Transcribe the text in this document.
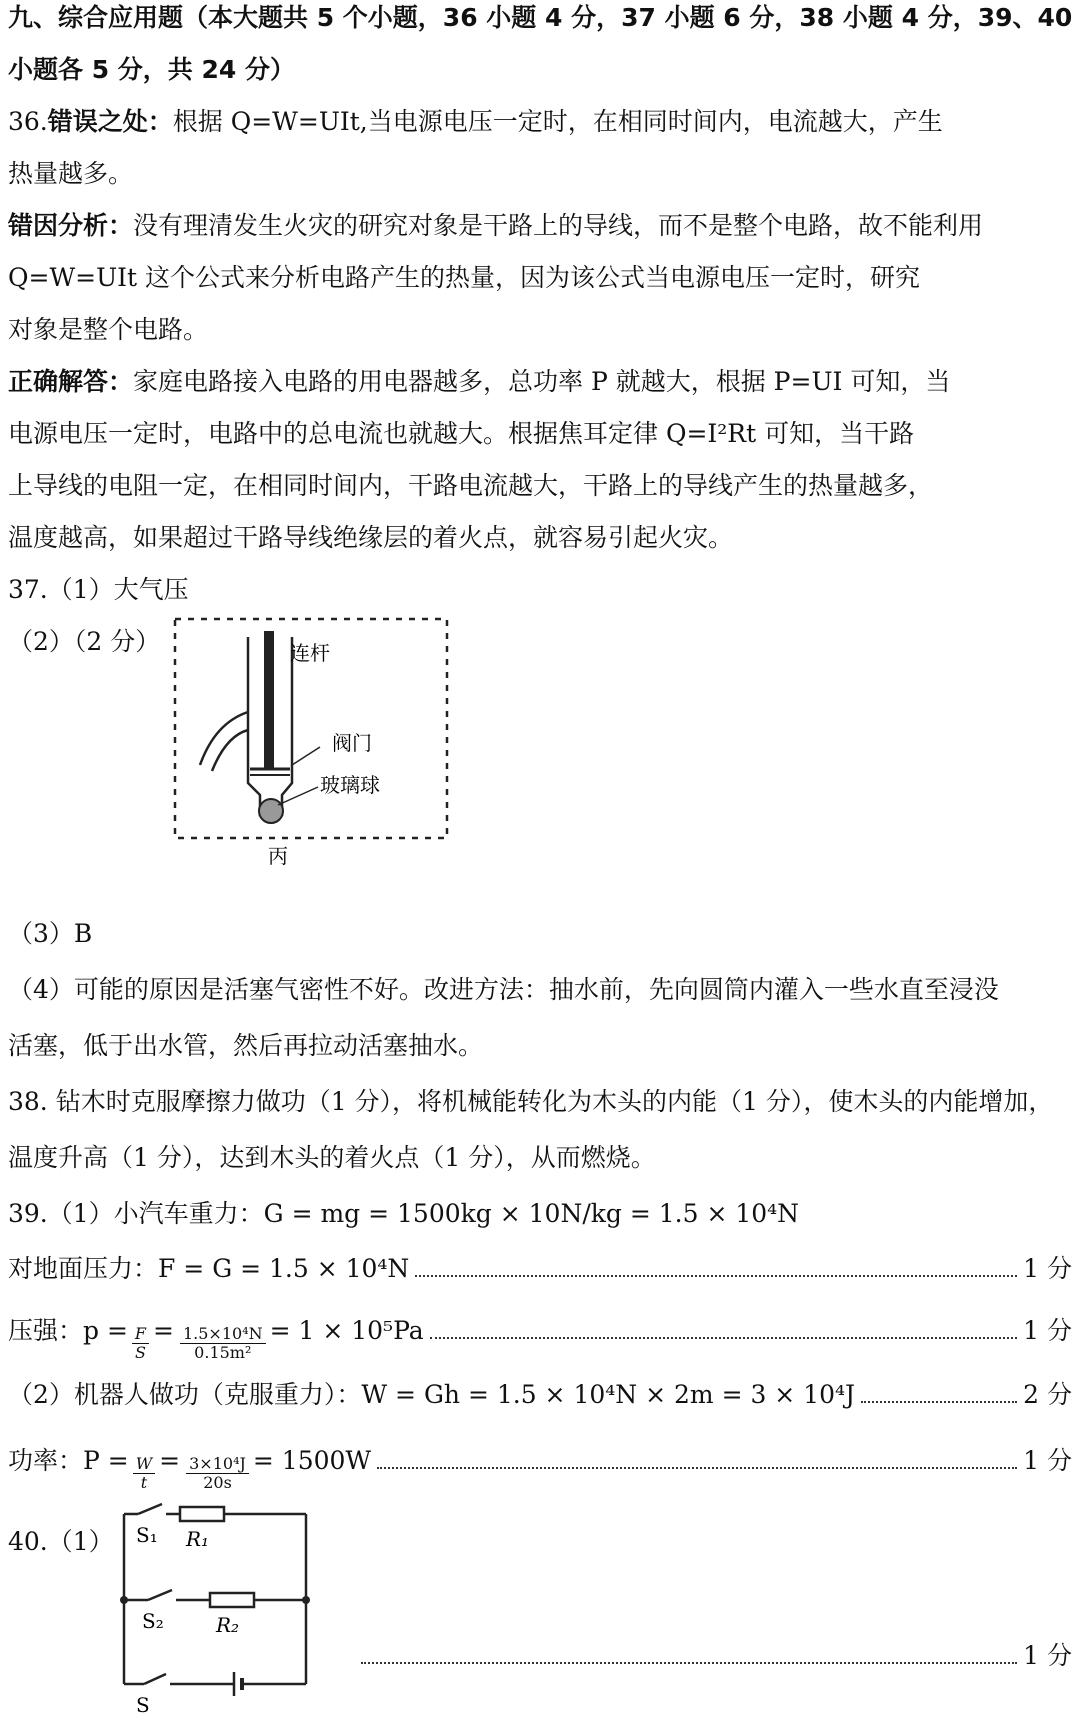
九、综合应用题（本大题共 5 个小题，36 小题 4 分，37 小题 6 分，38 小题 4 分，39、40
小题各 5 分，共 24 分）
36.错误之处：根据 Q=W=UIt,当电源电压一定时，在相同时间内，电流越大，产生
热量越多。
错因分析：没有理清发生火灾的研究对象是干路上的导线，而不是整个电路，故不能利用
Q=W=UIt 这个公式来分析电路产生的热量，因为该公式当电源电压一定时，研究
对象是整个电路。
正确解答：家庭电路接入电路的用电器越多，总功率 P 就越大，根据 P=UI 可知，当
电源电压一定时，电路中的总电流也就越大。根据焦耳定律 Q=I²Rt 可知，当干路
上导线的电阻一定，在相同时间内，干路电流越大，干路上的导线产生的热量越多，
温度越高，如果超过干路导线绝缘层的着火点，就容易引起火灾。
37.（1）大气压
（2）（2 分）	连杆
阀门
玻璃球
丙
（3）B
（4）可能的原因是活塞气密性不好。改进方法：抽水前，先向圆筒内灌入一些水直至浸没
活塞，低于出水管，然后再拉动活塞抽水。
38. 钻木时克服摩擦力做功（1 分），将机械能转化为木头的内能（1 分），使木头的内能增加，
温度升高（1 分），达到木头的着火点（1 分），从而燃烧。
39.（1）小汽车重力：G = mg = 1500kg × 10N/kg = 1.5 × 10⁴N
对地面压力：F = G = 1.5 × 10⁴N	1 分
压强：$p = \frac{F}{S} = \frac{\text{1.5×10⁴N}}{\text{0.15m²}} = 1 \times 10^5Pa$	1 分
（2）机器人做功（克服重力）：W = Gh = 1.5 × 10⁴N × 2m = 3 × 10⁴J	2 分
功率：$P = \frac{W}{t} = \frac{\text{3×10⁴J}}{20s} = 1500W$	1 分
40.（1） S₁ R₁
S₂	R₂
S
1 分
